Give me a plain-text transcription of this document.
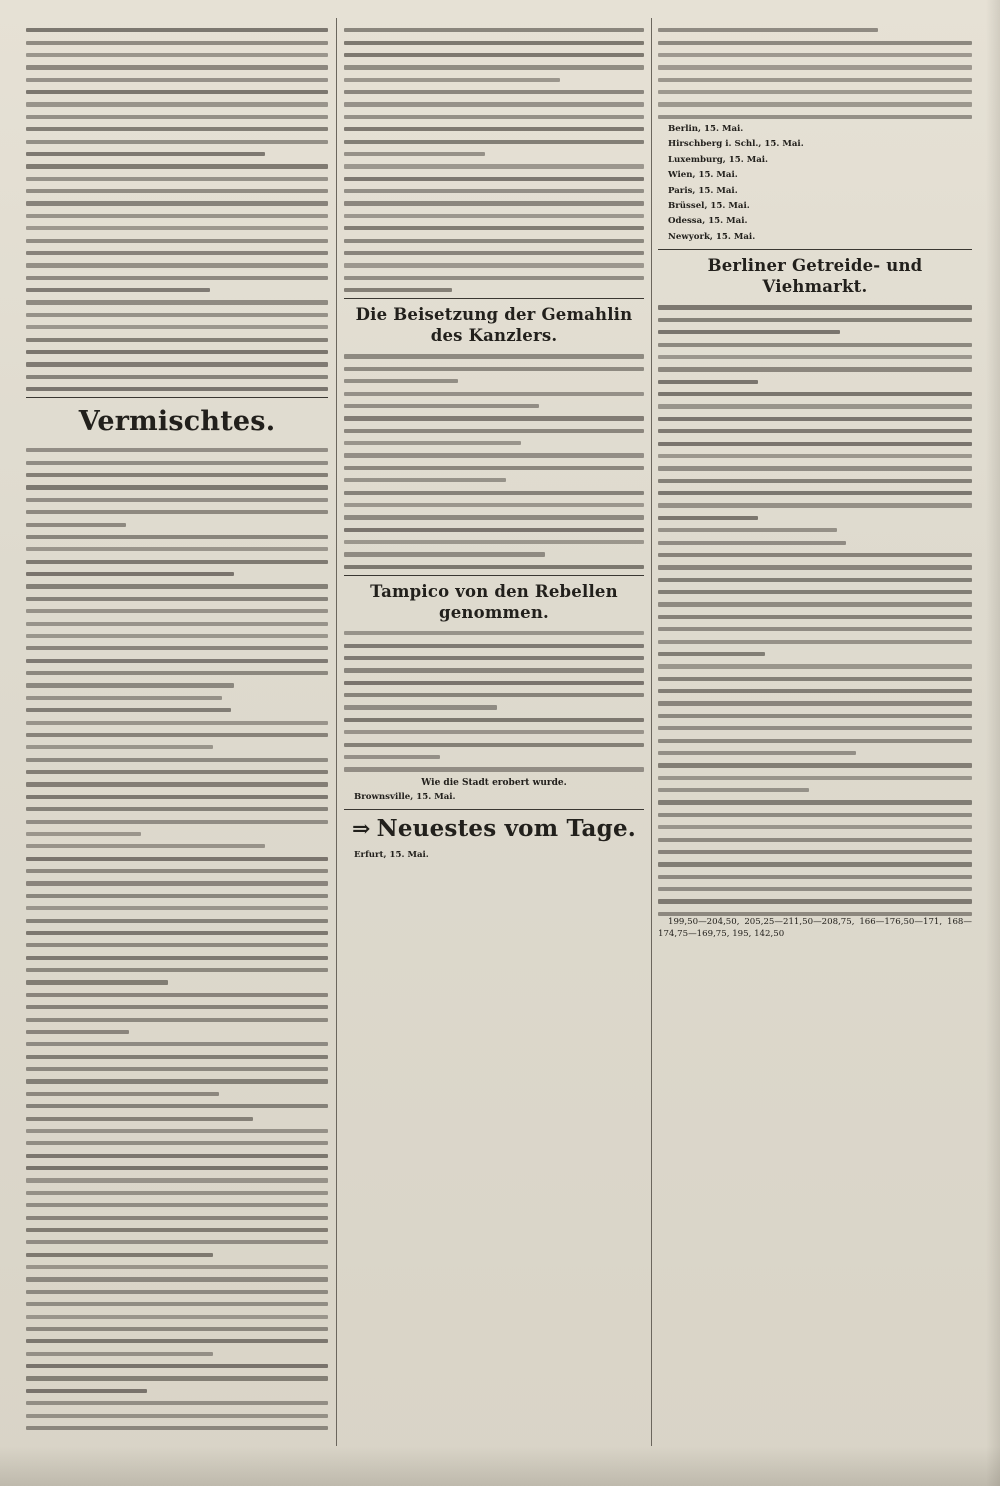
Vermischtes.
Die Beisetzung der Gemahlin des Kanzlers.
Tampico von den Rebellen genommen.
Wie die Stadt erobert wurde.
Brownsville, 15. Mai.
⇒ Neuestes vom Tage.
Erfurt, 15. Mai.
Berlin, 15. Mai.
Hirschberg i. Schl., 15. Mai.
Luxemburg, 15. Mai.
Wien, 15. Mai.
Paris, 15. Mai.
Brüssel, 15. Mai.
Odessa, 15. Mai.
Newyork, 15. Mai.
Berliner Getreide- und Viehmarkt.
199,50—204,50, 205,25—211,50—208,75, 166—176,50—171, 168—174,75—169,75, 195, 142,50
